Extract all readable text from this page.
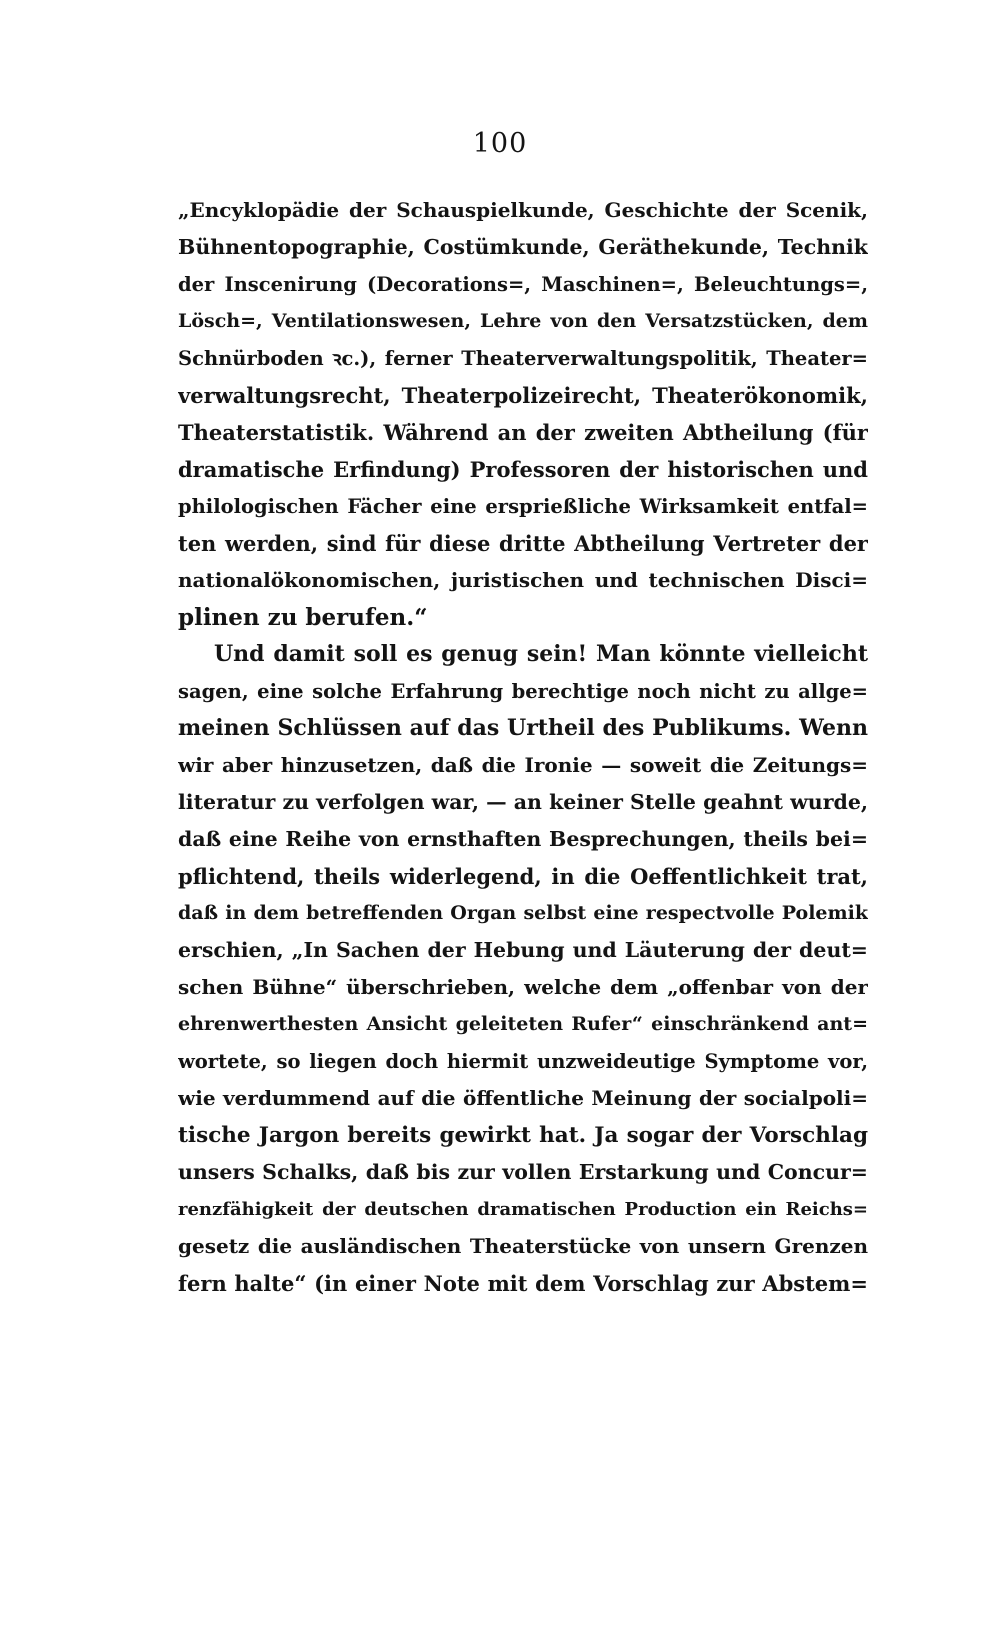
100
„Encyklopädie der Schauspielkunde, Geschichte der Scenik,
Bühnentopographie, Costümkunde, Geräthekunde, Technik
der Inscenirung (Decorations=, Maschinen=, Beleuchtungs=,
Lösch=, Ventilationswesen, Lehre von den Versatzstücken, dem
Schnürboden ꝛc.), ferner Theaterverwaltungspolitik, Theater=
verwaltungsrecht, Theaterpolizeirecht, Theaterökonomik,
Theaterstatistik. Während an der zweiten Abtheilung (für
dramatische Erfindung) Professoren der historischen und
philologischen Fächer eine ersprießliche Wirksamkeit entfal=
ten werden, sind für diese dritte Abtheilung Vertreter der
nationalökonomischen, juristischen und technischen Disci=
plinen zu berufen.“
Und damit soll es genug sein! Man könnte vielleicht
sagen, eine solche Erfahrung berechtige noch nicht zu allge=
meinen Schlüssen auf das Urtheil des Publikums. Wenn
wir aber hinzusetzen, daß die Ironie — soweit die Zeitungs=
literatur zu verfolgen war, — an keiner Stelle geahnt wurde,
daß eine Reihe von ernsthaften Besprechungen, theils bei=
pflichtend, theils widerlegend, in die Oeffentlichkeit trat,
daß in dem betreffenden Organ selbst eine respectvolle Polemik
erschien, „In Sachen der Hebung und Läuterung der deut=
schen Bühne“ überschrieben, welche dem „offenbar von der
ehrenwerthesten Ansicht geleiteten Rufer“ einschränkend ant=
wortete, so liegen doch hiermit unzweideutige Symptome vor,
wie verdummend auf die öffentliche Meinung der socialpoli=
tische Jargon bereits gewirkt hat. Ja sogar der Vorschlag
unsers Schalks, daß bis zur vollen Erstarkung und Concur=
renzfähigkeit der deutschen dramatischen Production ein Reichs=
gesetz die ausländischen Theaterstücke von unsern Grenzen
fern halte“ (in einer Note mit dem Vorschlag zur Abstem=
